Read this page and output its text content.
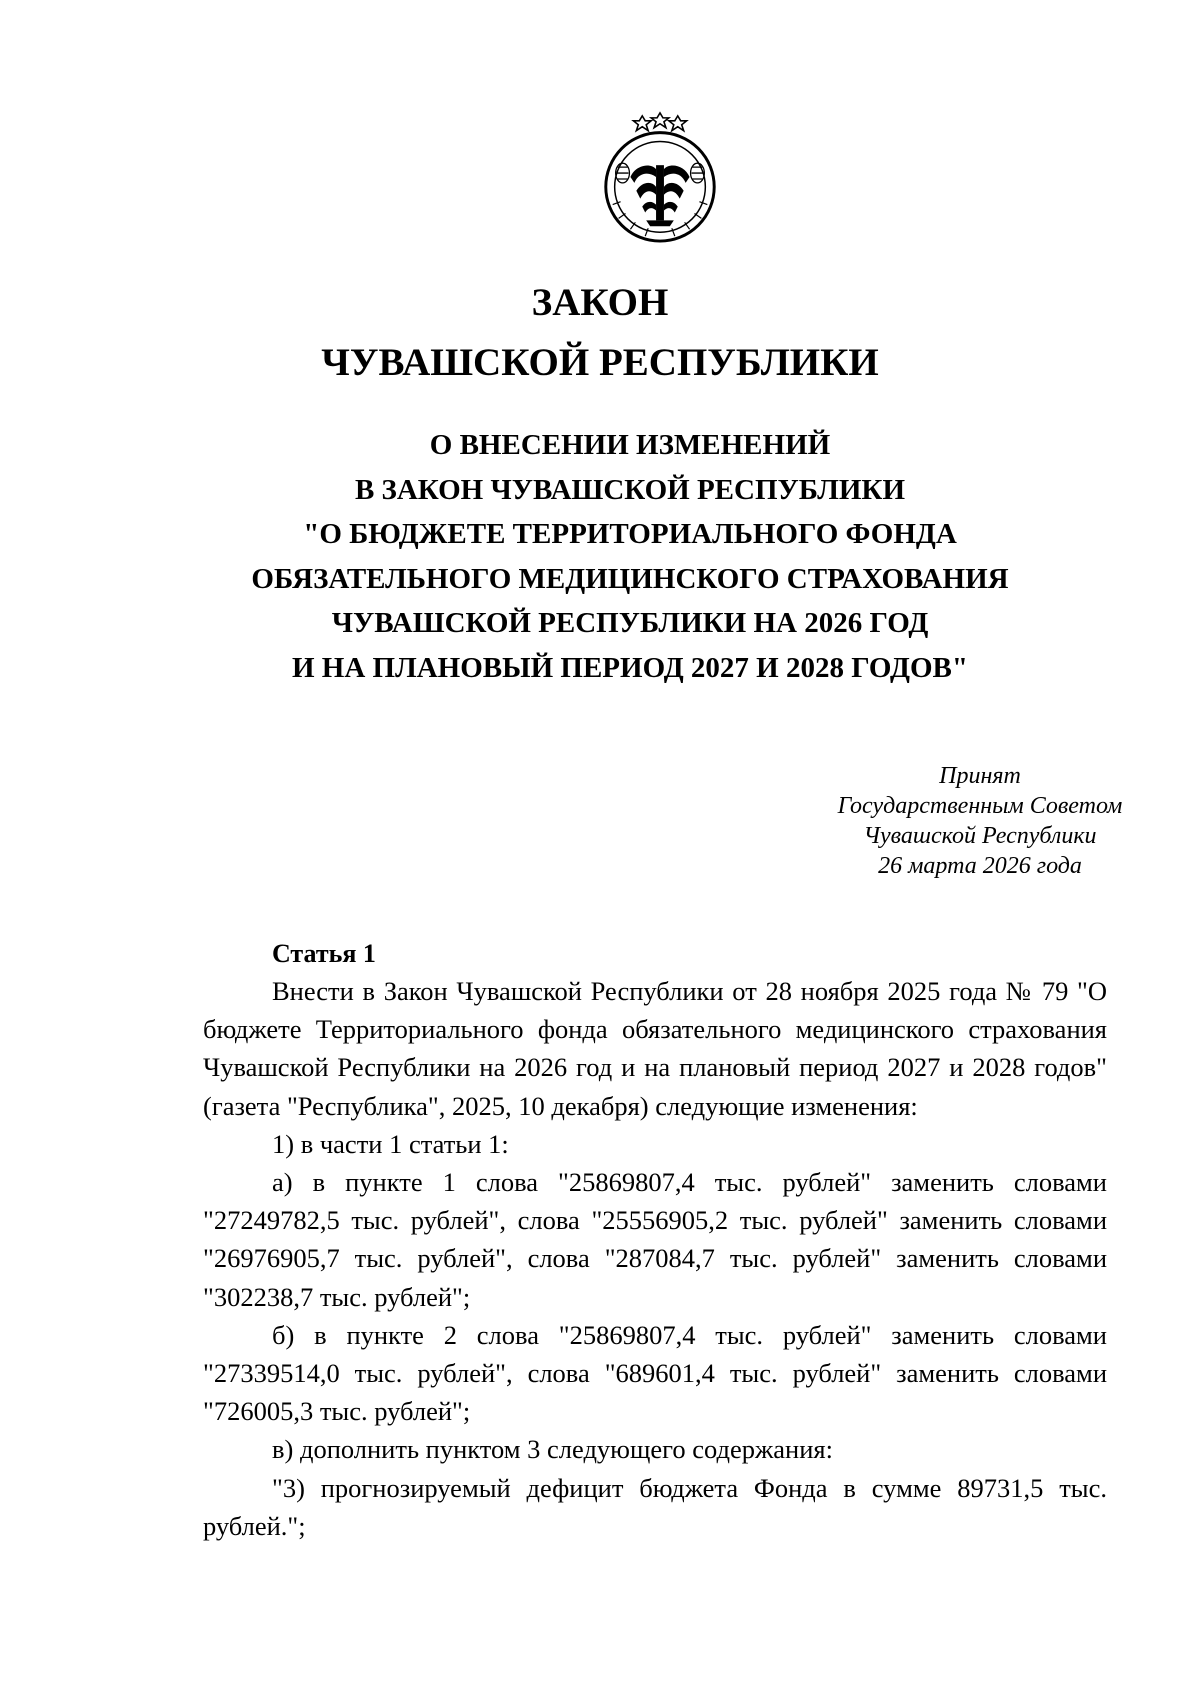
ЗАКОН
ЧУВАШСКОЙ РЕСПУБЛИКИ
О ВНЕСЕНИИ ИЗМЕНЕНИЙ
В ЗАКОН ЧУВАШСКОЙ РЕСПУБЛИКИ
"О БЮДЖЕТЕ ТЕРРИТОРИАЛЬНОГО ФОНДА
ОБЯЗАТЕЛЬНОГО МЕДИЦИНСКОГО СТРАХОВАНИЯ
ЧУВАШСКОЙ РЕСПУБЛИКИ НА 2026 ГОД
И НА ПЛАНОВЫЙ ПЕРИОД 2027 И 2028 ГОДОВ"
Принят
Государственным Советом
Чувашской Республики
26 марта 2026 года
Статья 1

Внести в Закон Чувашской Республики от 28 ноября 2025 года № 79 "О бюджете Территориального фонда обязательного медицинского страхования Чувашской Республики на 2026 год и на плановый период 2027 и 2028 годов" (газета "Республика", 2025, 10 декабря) следующие изменения:

1) в части 1 статьи 1:

а) в пункте 1 слова "25869807,4 тыс. рублей" заменить словами "27249782,5 тыс. рублей", слова "25556905,2 тыс. рублей" заменить словами "26976905,7 тыс. рублей", слова "287084,7 тыс. рублей" заменить словами "302238,7 тыс. рублей";

б) в пункте 2 слова "25869807,4 тыс. рублей" заменить словами "27339514,0 тыс. рублей", слова "689601,4 тыс. рублей" заменить словами "726005,3 тыс. рублей";

в) дополнить пунктом 3 следующего содержания:

"3) прогнозируемый дефицит бюджета Фонда в сумме 89731,5 тыс. рублей.";
